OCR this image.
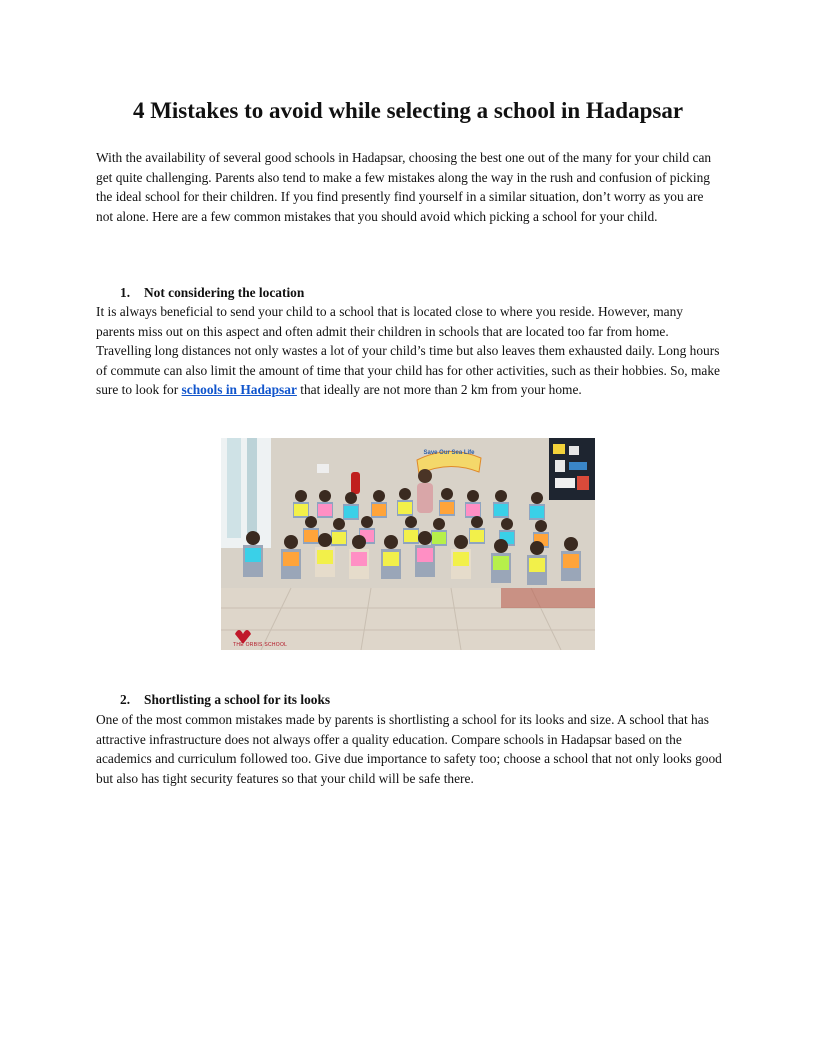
4 Mistakes to avoid while selecting a school in Hadapsar

With the availability of several good schools in Hadapsar, choosing the best one out of the many for your child can get quite challenging. Parents also tend to make a few mistakes along the way in the rush and confusion of picking the ideal school for their children. If you find presently find yourself in a similar situation, don’t worry as you are not alone. Here are a few common mistakes that you should avoid which picking a school for your child.

1. Not considering the location

It is always beneficial to send your child to a school that is located close to where you reside. However, many parents miss out on this aspect and often admit their children in schools that are located too far from home. Travelling long distances not only wastes a lot of your child’s time but also leaves them exhausted daily. Long hours of commute can also limit the amount of time that your child has for other activities, such as their hobbies. So, make sure to look for schools in Hadapsar that ideally are not more than 2 km from your home.

Save Our Sea Life
THE ORBIS SCHOOL
2. Shortlisting a school for its looks

One of the most common mistakes made by parents is shortlisting a school for its looks and size. A school that has attractive infrastructure does not always offer a quality education. Compare schools in Hadapsar based on the academics and curriculum followed too. Give due importance to safety too; choose a school that not only looks good but also has tight security features so that your child will be safe there.
